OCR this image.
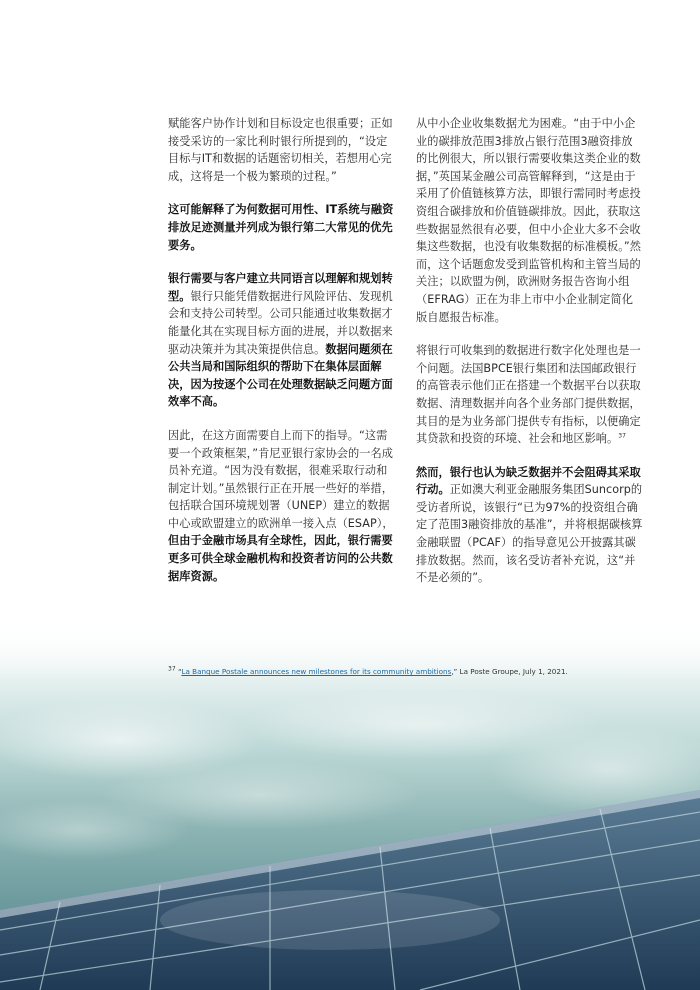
赋能客户协作计划和目标设定也很重要；正如接受采访的一家比利时银行所提到的，“设定目标与IT和数据的话题密切相关，若想用心完成，这将是一个极为繁琐的过程。”

这可能解释了为何数据可用性、IT系统与融资排放足迹测量并列成为银行第二大常见的优先要务。

银行需要与客户建立共同语言以理解和规划转型。银行只能凭借数据进行风险评估、发现机会和支持公司转型。公司只能通过收集数据才能量化其在实现目标方面的进展，并以数据来驱动决策并为其决策提供信息。数据问题须在公共当局和国际组织的帮助下在集体层面解决，因为按逐个公司在处理数据缺乏问题方面效率不高。

因此，在这方面需要自上而下的指导。“这需要一个政策框架，”肯尼亚银行家协会的一名成员补充道。“因为没有数据，很难采取行动和制定计划。”虽然银行正在开展一些好的举措，包括联合国环境规划署（UNEP）建立的数据中心或欧盟建立的欧洲单一接入点（ESAP），但由于金融市场具有全球性，因此，银行需要更多可供全球金融机构和投资者访问的公共数据库资源。

从中小企业收集数据尤为困难。“由于中小企业的碳排放范围3排放占银行范围3融资排放的比例很大，所以银行需要收集这类企业的数据，”英国某金融公司高管解释到，“这是由于采用了价值链核算方法，即银行需同时考虑投资组合碳排放和价值链碳排放。因此，获取这些数据显然很有必要，但中小企业大多不会收集这些数据，也没有收集数据的标准模板。”然而，这个话题愈发受到监管机构和主管当局的关注；以欧盟为例，欧洲财务报告咨询小组（EFRAG）正在为非上市中小企业制定简化版自愿报告标准。

将银行可收集到的数据进行数字化处理也是一个问题。法国BPCE银行集团和法国邮政银行的高管表示他们正在搭建一个数据平台以获取数据、清理数据并向各个业务部门提供数据，其目的是为业务部门提供专有指标，以便确定其贷款和投资的环境、社会和地区影响。$^{37}$

然而，银行也认为缺乏数据并不会阻碍其采取行动。正如澳大利亚金融服务集团Suncorp的受访者所说，该银行“已为97%的投资组合确定了范围3融资排放的基准”，并将根据碳核算金融联盟（PCAF）的指导意见公开披露其碳排放数据。然而，该名受访者补充说，这“并不是必须的”。

$^{37}$ “La Banque Postale announces new milestones for its community ambitions,” La Poste Groupe, July 1, 2021.
